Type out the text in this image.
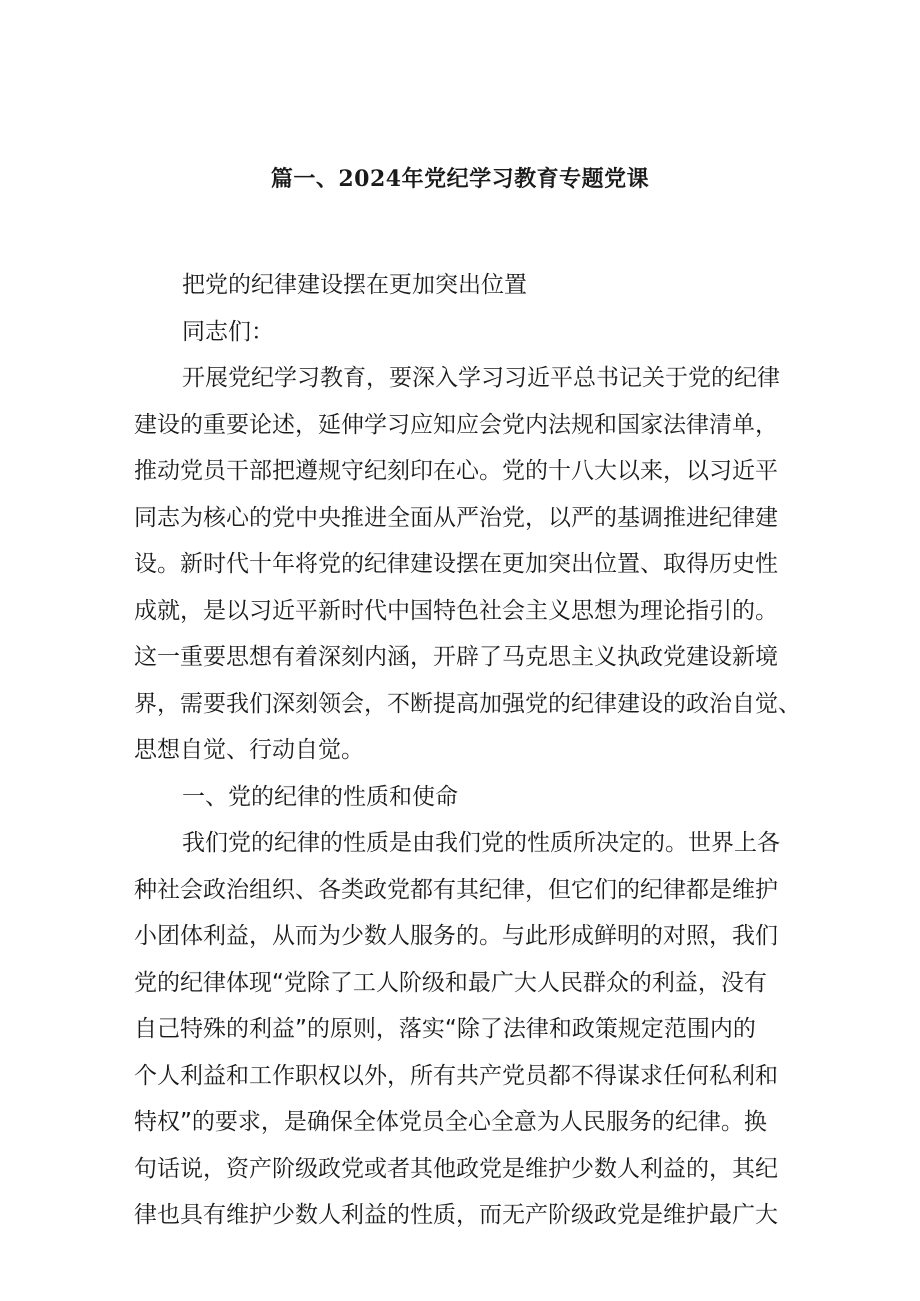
篇一、2024年党纪学习教育专题党课
把党的纪律建设摆在更加突出位置
同志们：
开展党纪学习教育，要深入学习习近平总书记关于党的纪律
建设的重要论述，延伸学习应知应会党内法规和国家法律清单，
推动党员干部把遵规守纪刻印在心。党的十八大以来，以习近平
同志为核心的党中央推进全面从严治党，以严的基调推进纪律建
设。新时代十年将党的纪律建设摆在更加突出位置、取得历史性
成就，是以习近平新时代中国特色社会主义思想为理论指引的。
这一重要思想有着深刻内涵，开辟了马克思主义执政党建设新境
界，需要我们深刻领会，不断提高加强党的纪律建设的政治自觉、
思想自觉、行动自觉。
一、党的纪律的性质和使命
我们党的纪律的性质是由我们党的性质所决定的。世界上各
种社会政治组织、各类政党都有其纪律，但它们的纪律都是维护
小团体利益，从而为少数人服务的。与此形成鲜明的对照，我们
党的纪律体现“党除了工人阶级和最广大人民群众的利益，没有
自己特殊的利益”的原则，落实“除了法律和政策规定范围内的
个人利益和工作职权以外，所有共产党员都不得谋求任何私利和
特权”的要求，是确保全体党员全心全意为人民服务的纪律。换
句话说，资产阶级政党或者其他政党是维护少数人利益的，其纪
律也具有维护少数人利益的性质，而无产阶级政党是维护最广大
